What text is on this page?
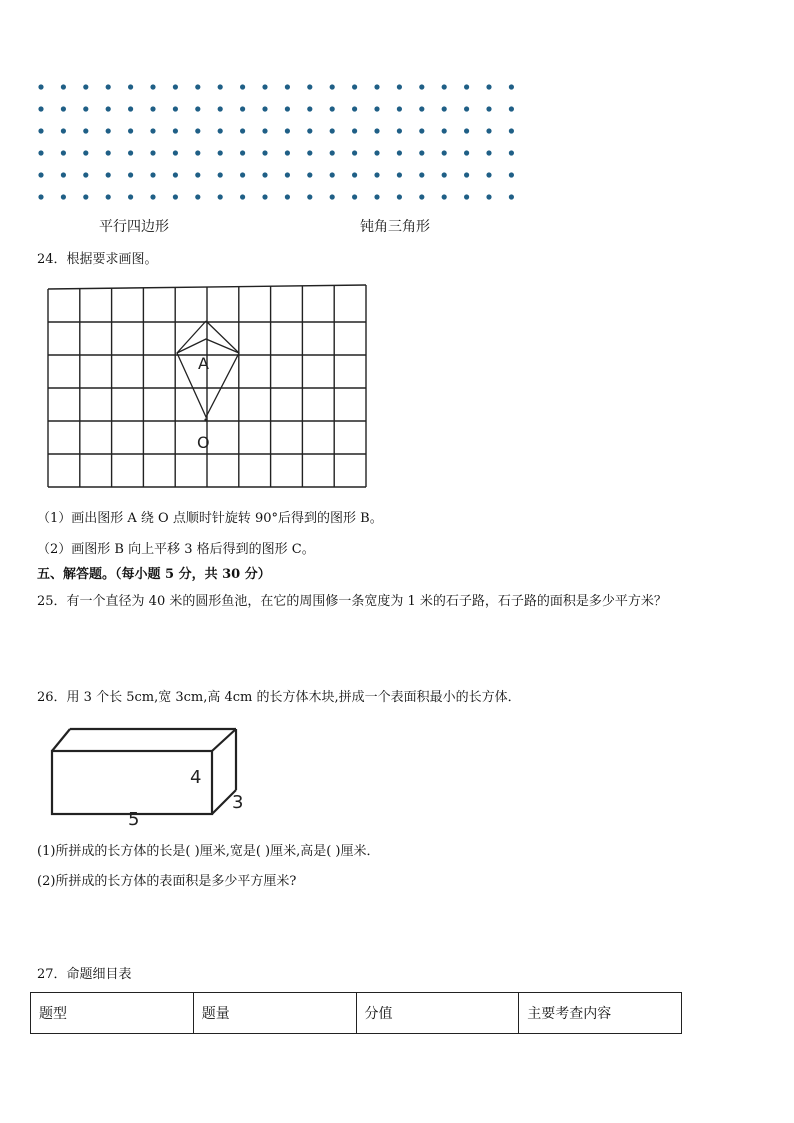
平行四边形	钝角三角形
24．根据要求画图。
A
O
（1）画出图形 A 绕 O 点顺时针旋转 90°后得到的图形 B。
（2）画图形 B 向上平移 3 格后得到的图形 C。
五、解答题。（每小题 5 分，共 30 分）
25．有一个直径为 40 米的圆形鱼池，在它的周围修一条宽度为 1 米的石子路，石子路的面积是多少平方米？
26．用 3 个长 5cm,宽 3cm,高 4cm 的长方体木块,拼成一个表面积最小的长方体．
4
5
3
(1)所拼成的长方体的长是( )厘米,宽是( )厘米,高是( )厘米．
(2)所拼成的长方体的表面积是多少平方厘米?
27．命题细目表
题型	题量	分值	主要考查内容
